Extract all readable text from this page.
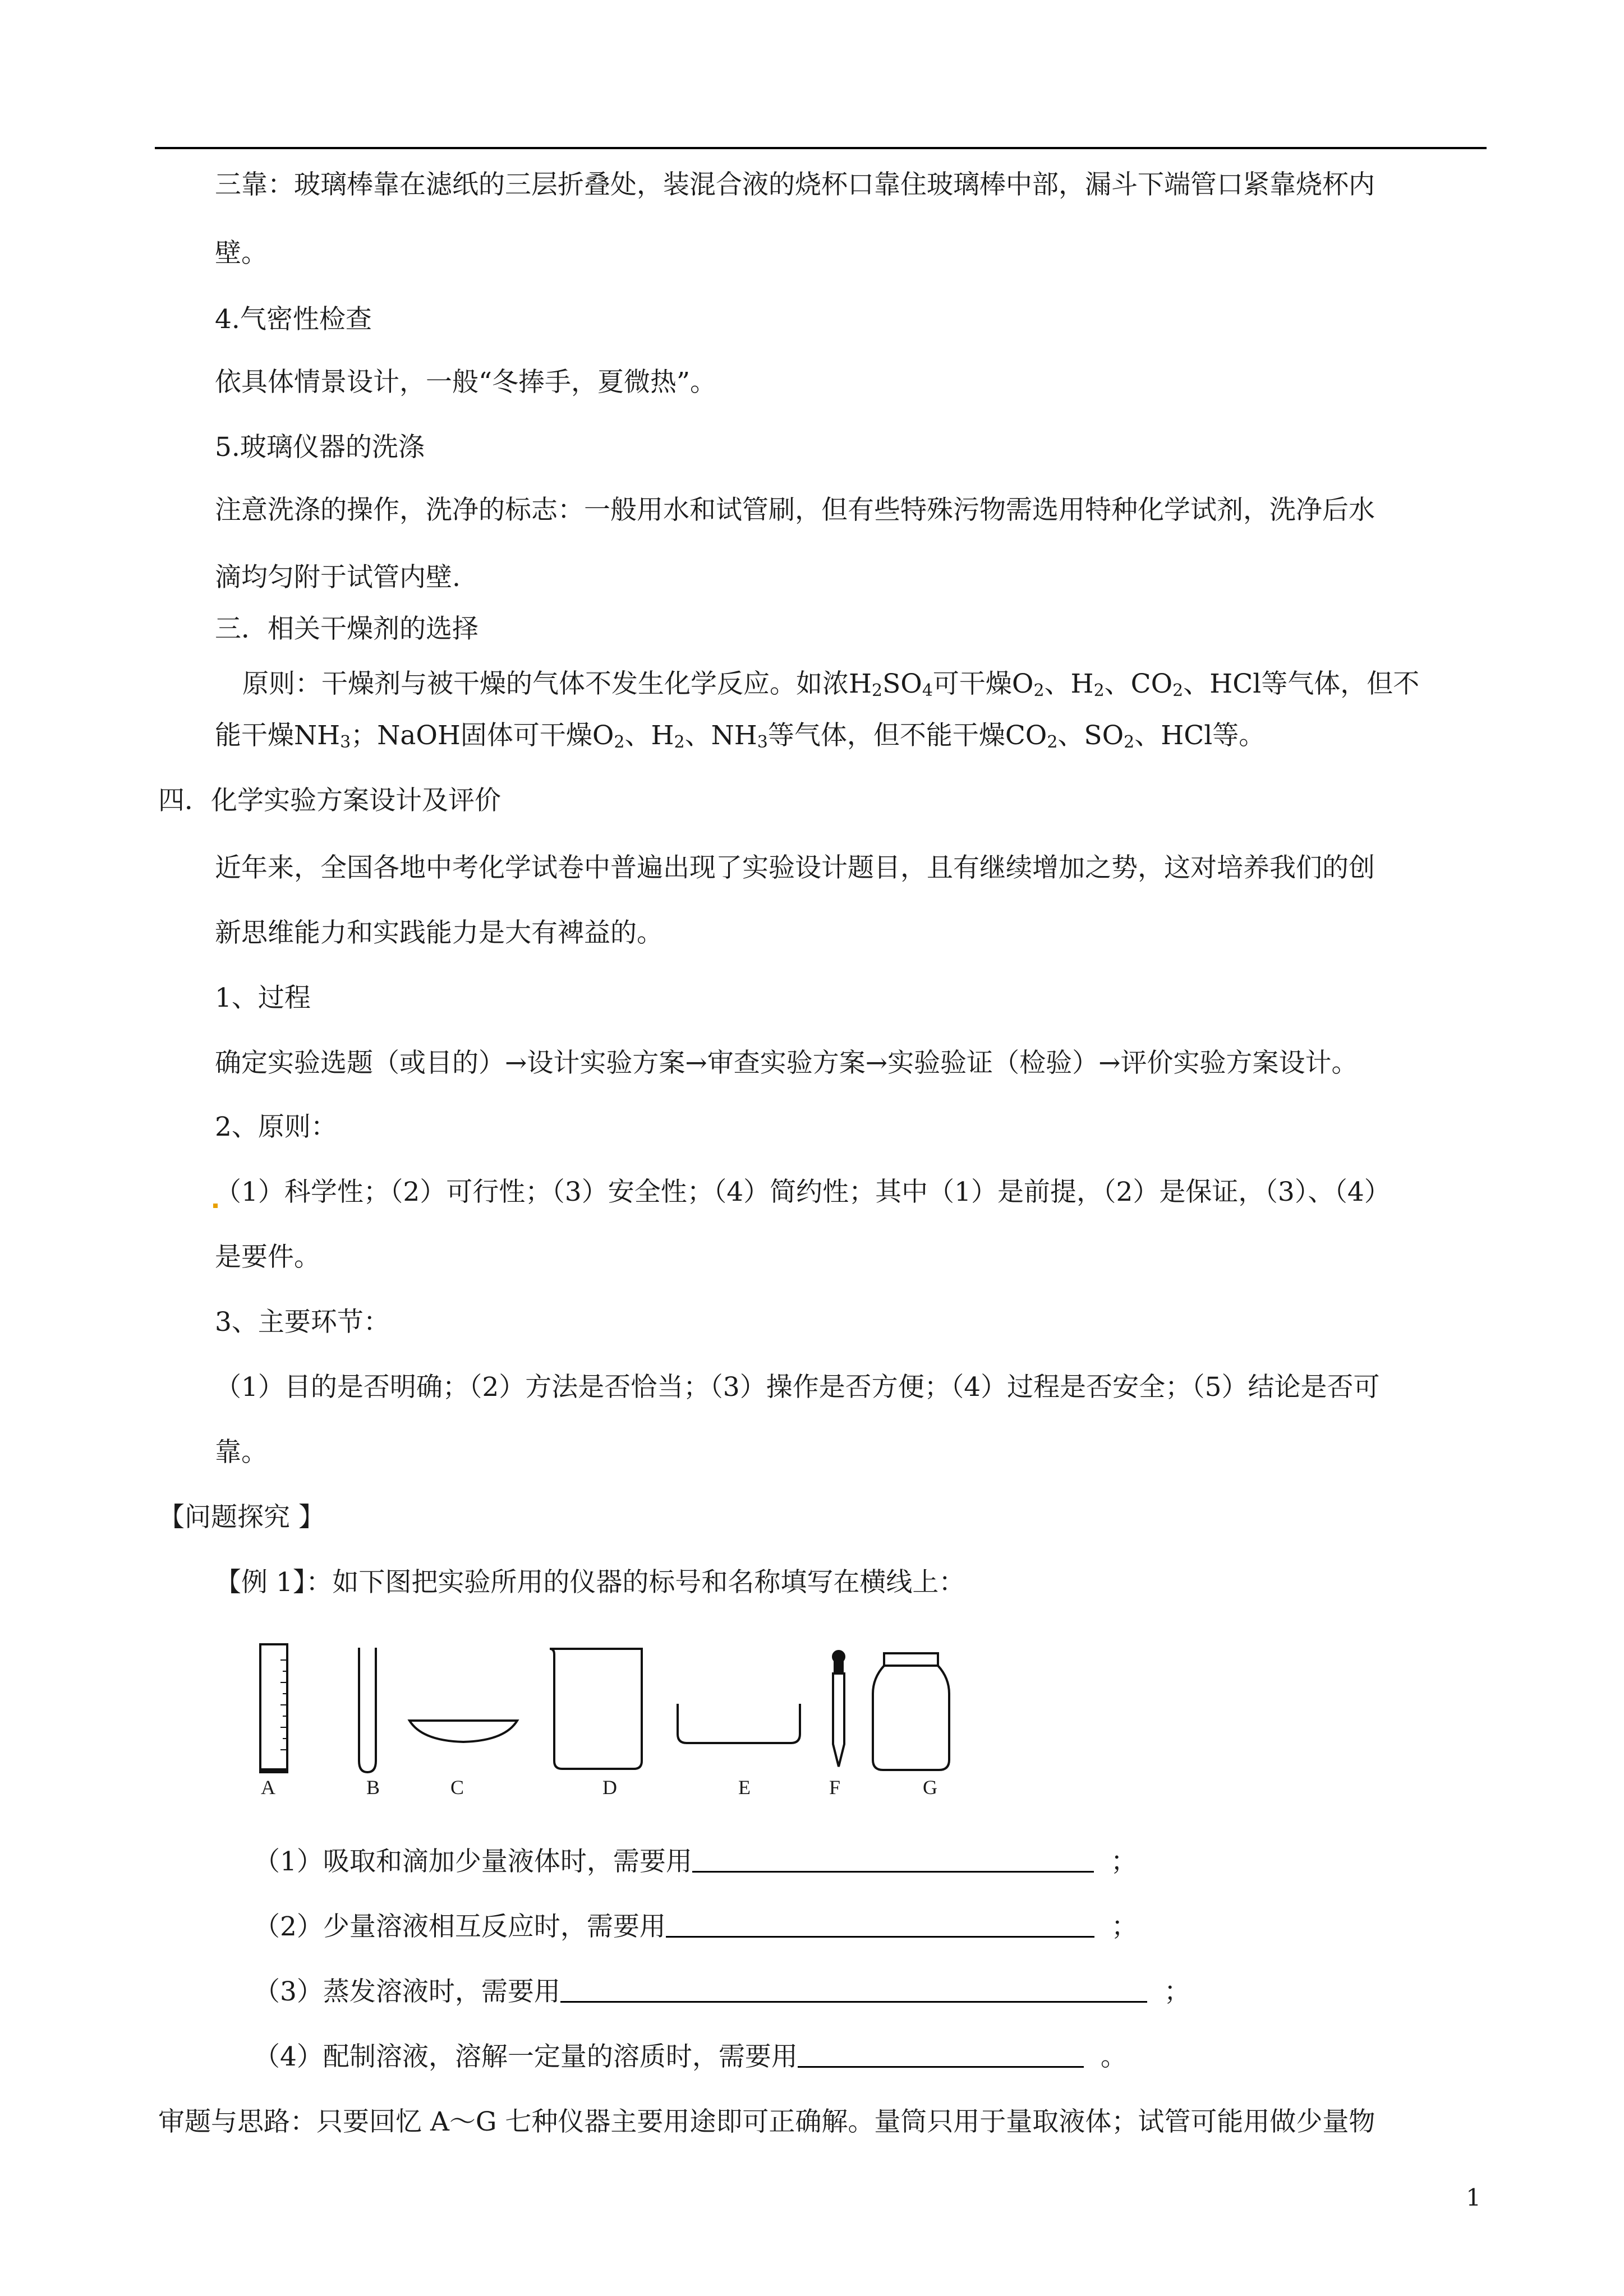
三靠：玻璃棒靠在滤纸的三层折叠处，装混合液的烧杯口靠住玻璃棒中部，漏斗下端管口紧靠烧杯内
壁。
4.气密性检查
依具体情景设计，一般“冬捧手，夏微热”。
5.玻璃仪器的洗涤
注意洗涤的操作，洗净的标志：一般用水和试管刷，但有些特殊污物需选用特种化学试剂，洗净后水
滴均匀附于试管内壁.
三．相关干燥剂的选择
原则：干燥剂与被干燥的气体不发生化学反应。如浓$H_2SO_4$可干燥$O_2$、$H_2$、$CO_2$、HCl等气体，但不
能干燥$NH_3$；NaOH固体可干燥$O_2$、$H_2$、$NH_3$等气体，但不能干燥$CO_2$、$SO_2$、HCl等。
四．化学实验方案设计及评价
近年来，全国各地中考化学试卷中普遍出现了实验设计题目，且有继续增加之势，这对培养我们的创
新思维能力和实践能力是大有裨益的。
1、过程
确定实验选题（或目的）→设计实验方案→审查实验方案→实验验证（检验）→评价实验方案设计。
2、原则：
（1）科学性；（2）可行性；（3）安全性；（4）简约性；其中（1）是前提，（2）是保证，（3）、（4）
是要件。
3、主要环节：
（1）目的是否明确；（2）方法是否恰当；（3）操作是否方便；（4）过程是否安全；（5）结论是否可
靠。
【问题探究 】
【例 1】：如下图把实验所用的仪器的标号和名称填写在横线上：
A	B	C	D	E	F	G
（1）吸取和滴加少量液体时，需要用	；
（2）少量溶液相互反应时，需要用	；
（3）蒸发溶液时，需要用	；
（4）配制溶液，溶解一定量的溶质时，需要用	。
审题与思路：只要回忆 A～G 七种仪器主要用途即可正确解。量筒只用于量取液体；试管可能用做少量物
1
